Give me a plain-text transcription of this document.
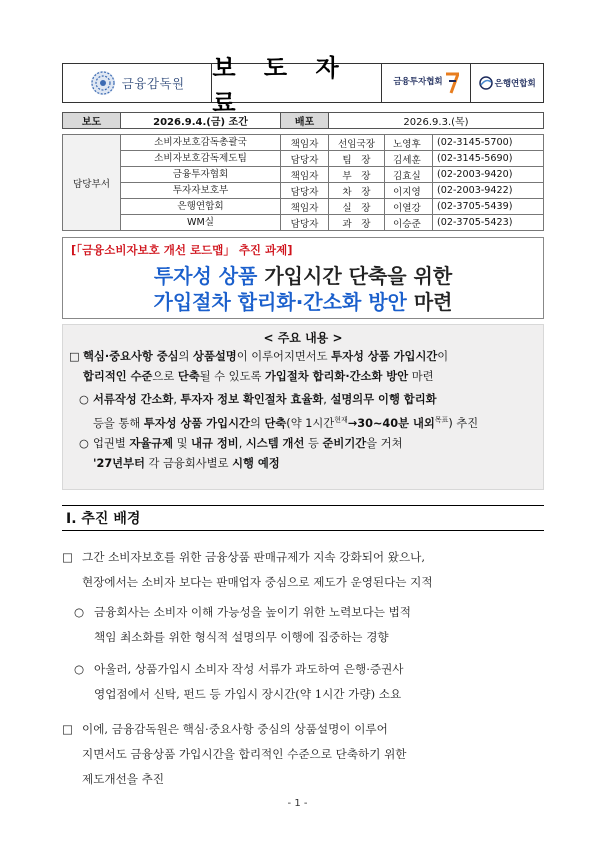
금융감독원
보 도 자 료
금융투자협회	은행연합회
보도	2026.9.4.(금) 조간	배포	2026.9.3.(목)
담당부서	소비자보호감독총괄국	책임자	선임국장	노영후	(02-3145-5700)
	소비자보호감독제도팀	담당자	팀　장	김세훈	(02-3145-5690)
	금융투자협회	책임자	부　장	김효실	(02-2003-9420)
	투자자보호부	담당자	차　장	이지영	(02-2003-9422)
	은행연합회	책임자	실　장	이열강	(02-3705-5439)
	WM실	담당자	과　장	이승준	(02-3705-5423)
[「금융소비자보호 개선 로드맵」 추진 과제]
투자성 상품 가입시간 단축을 위한
가입절차 합리화·간소화 방안 마련
< 주요 내용 >
□ 핵심·중요사항 중심의 상품설명이 이루어지면서도 투자성 상품 가입시간이
합리적인 수준으로 단축될 수 있도록 가입절차 합리화·간소화 방안 마련
○ 서류작성 간소화, 투자자 정보 확인절차 효율화, 설명의무 이행 합리화
등을 통해 투자성 상품 가입시간의 단축(약 1시간$^{현재}$→30~40분 내외$^{목표}$) 추진
○ 업권별 자율규제 및 내규 정비, 시스템 개선 등 준비기간을 거쳐
'27년부터 각 금융회사별로 시행 예정
Ⅰ. 추진 배경
□ 그간 소비자보호를 위한 금융상품 판매규제가 지속 강화되어 왔으나,
현장에서는 소비자 보다는 판매업자 중심으로 제도가 운영된다는 지적
○ 금융회사는 소비자 이해 가능성을 높이기 위한 노력보다는 법적
책임 최소화를 위한 형식적 설명의무 이행에 집중하는 경향
○ 아울러, 상품가입시 소비자 작성 서류가 과도하여 은행·증권사
영업점에서 신탁, 펀드 등 가입시 장시간(약 1시간 가량) 소요
□ 이에, 금융감독원은 핵심·중요사항 중심의 상품설명이 이루어
지면서도 금융상품 가입시간을 합리적인 수준으로 단축하기 위한
제도개선을 추진
- 1 -
